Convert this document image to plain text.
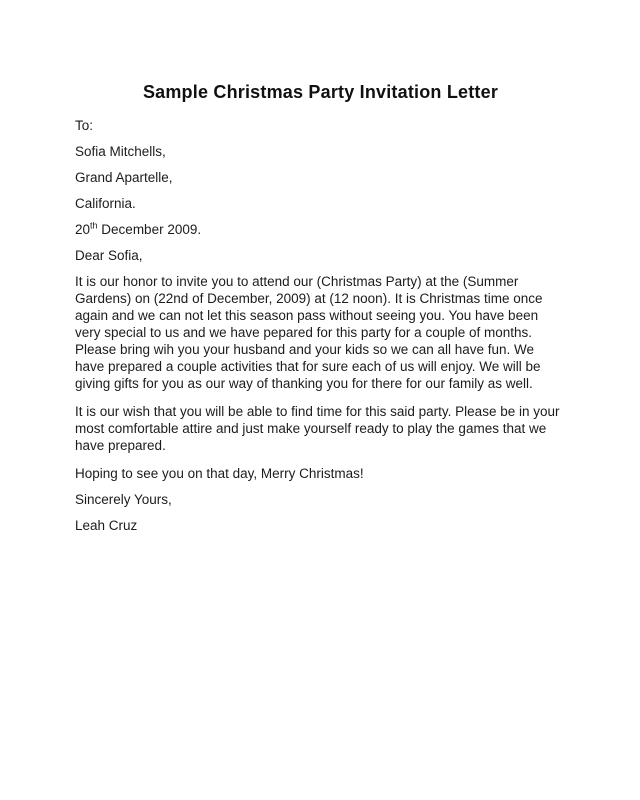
Sample Christmas Party Invitation Letter

To:

Sofia Mitchells,

Grand Apartelle,

California.

20th December 2009.

Dear Sofia,

It is our honor to invite you to attend our (Christmas Party) at the (Summer Gardens) on (22nd of December, 2009) at (12 noon). It is Christmas time once again and we can not let this season pass without seeing you. You have been very special to us and we have pepared for this party for a couple of months. Please bring wih you your husband and your kids so we can all have fun. We have prepared a couple activities that for sure each of us will enjoy. We will be giving gifts for you as our way of thanking you for there for our family as well.

It is our wish that you will be able to find time for this said party. Please be in your most comfortable attire and just make yourself ready to play the games that we have prepared.

Hoping to see you on that day, Merry Christmas!

Sincerely Yours,

Leah Cruz
